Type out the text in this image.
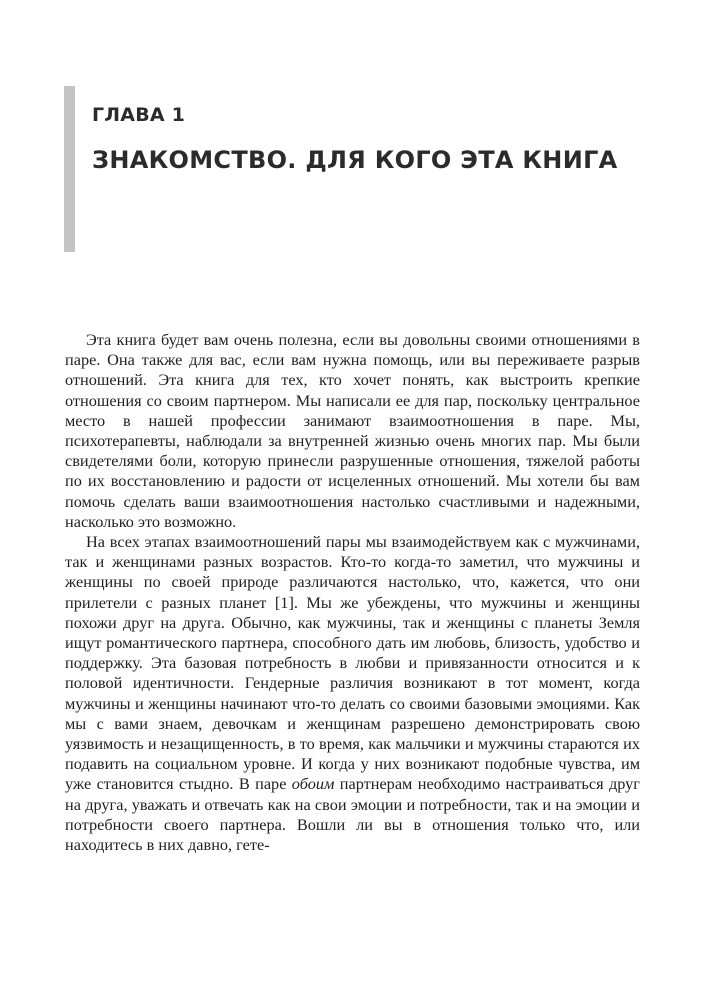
ГЛАВА 1
ЗНАКОМСТВО. ДЛЯ КОГО ЭТА КНИГА

Эта книга будет вам очень полезна, если вы довольны своими отношениями в паре. Она также для вас, если вам нужна помощь, или вы переживаете разрыв отношений. Эта книга для тех, кто хочет понять, как выстроить крепкие отношения со своим партнером. Мы написали ее для пар, поскольку центральное место в нашей профессии занимают взаимоотношения в паре. Мы, психотерапевты, наблюдали за внутренней жизнью очень многих пар. Мы были свидетелями боли, которую принесли разрушенные отношения, тяжелой работы по их восстановлению и радости от исцеленных отношений. Мы хотели бы вам помочь сделать ваши взаимоотношения настолько счастливыми и надежными, насколько это возможно.

На всех этапах взаимоотношений пары мы взаимодействуем как с мужчинами, так и женщинами разных возрастов. Кто-то когда-то заметил, что мужчины и женщины по своей природе различаются настолько, что, кажется, что они прилетели с разных планет [1]. Мы же убеждены, что мужчины и женщины похожи друг на друга. Обычно, как мужчины, так и женщины с планеты Земля ищут романтического партнера, способного дать им любовь, близость, удобство и поддержку. Эта базовая потребность в любви и привязанности относится и к половой идентичности. Гендерные различия возникают в тот момент, когда мужчины и женщины начинают что-то делать со своими базовыми эмоциями. Как мы с вами знаем, девочкам и женщинам разрешено демонстрировать свою уязвимость и незащищенность, в то время, как мальчики и мужчины стараются их подавить на социальном уровне. И когда у них возникают подобные чувства, им уже становится стыдно. В паре обоим партнерам необходимо настраиваться друг на друга, уважать и отвечать как на свои эмоции и потребности, так и на эмоции и потребности своего партнера. Вошли ли вы в отношения только что, или находитесь в них давно, гете-
